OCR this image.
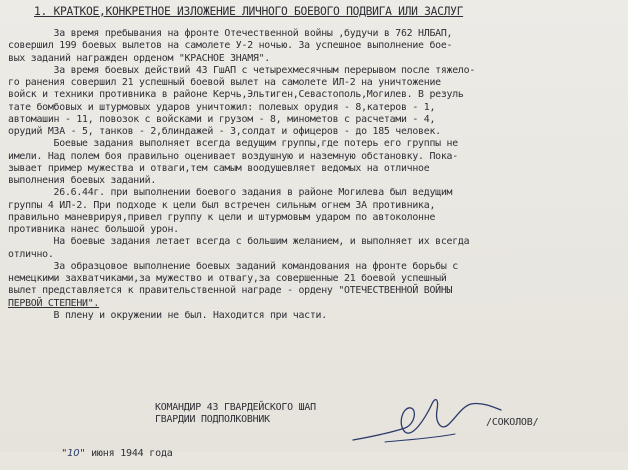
1. КРАТКОЕ,КОНКРЕТНОЕ ИЗЛОЖЕНИЕ ЛИЧНОГО БОЕВОГО ПОДВИГА ИЛИ ЗАСЛУГ
За время пребывания на фронте Отечественной войны ,будучи в 762 НЛБАП,
совершил 199 боевых вылетов на самолете У-2 ночью. За успешное выполнение бое-
вых заданий награжден орденом "КРАСНОЕ ЗНАМЯ".
За время боевых действий 43 ГшАП с четырехмесячным перерывом после тяжело-
го ранения совершил 21 успешный боевой вылет на самолете ИЛ-2 на уничтожение
войск и техники противника в районе Керчь,Эльтиген,Севастополь,Могилев. В резуль
тате бомбовых и штурмовых ударов уничтожил: полевых орудия - 8,катеров - 1,
автомашин - 11, повозок с войсками и грузом - 8, минометов с расчетами - 4,
орудий МЗА - 5, танков - 2,блиндажей - 3,солдат и офицеров - до 185 человек.
Боевые задания выполняет всегда ведущим группы,где потерь его группы не
имели. Над полем боя правильно оценивает воздушную и наземную обстановку. Пока-
зывает пример мужества и отваги,тем самым воодушевляет ведомых на отличное
выполнения боевых заданий.
26.6.44г. при выполнении боевого задания в районе Могилева был ведущим
группы 4 ИЛ-2. При подходе к цели был встречен сильным огнем ЗА противника,
правильно маневрируя,привел группу к цели и штурмовым ударом по автоколонне
противника нанес большой урон.
На боевые задания летает всегда с большим желанием, и выполняет их всегда
отлично.
За образцовое выполнение боевых заданий командования на фронте борьбы с
немецкими захватчиками,за мужество и отвагу,за совершенные 21 боевой успешный
вылет представляется к правительственной награде - ордену "ОТЕЧЕСТВЕННОЙ ВОЙНЫ
ПЕРВОЙ СТЕПЕНИ".
В плену и окружении не был. Находится при части.
КОМАНДИР 43 ГВАРДЕЙСКОГО ШАП
ГВАРДИИ ПОДПОЛКОВНИК	/СОКОЛОВ/

"10" июня 1944 года
